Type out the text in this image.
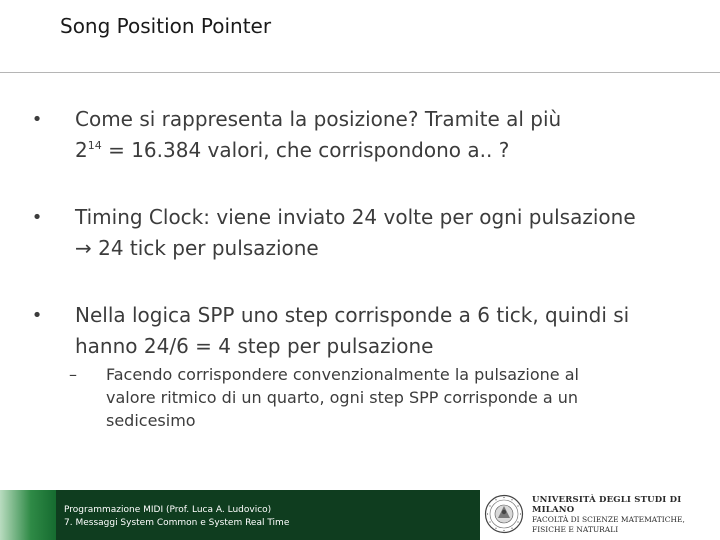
Song Position Pointer
• Come si rappresenta la posizione? Tramite al più
$2^{14} = 16.384$ valori, che corrispondono a.. ?
• Timing Clock: viene inviato 24 volte per ogni pulsazione
→ 24 tick per pulsazione
• Nella logica SPP uno step corrisponde a 6 tick, quindi si
hanno 24/6 = 4 step per pulsazione
– Facendo corrispondere convenzionalmente la pulsazione al
valore ritmico di un quarto, ogni step SPP corrisponde a un
sedicesimo
Programmazione MIDI (Prof. Luca A. Ludovico)
7. Messaggi System Common e System Real Time
UNIVERSITÀ DEGLI STUDI DI MILANO
FACOLTÀ DI SCIENZE MATEMATICHE,
FISICHE E NATURALI
